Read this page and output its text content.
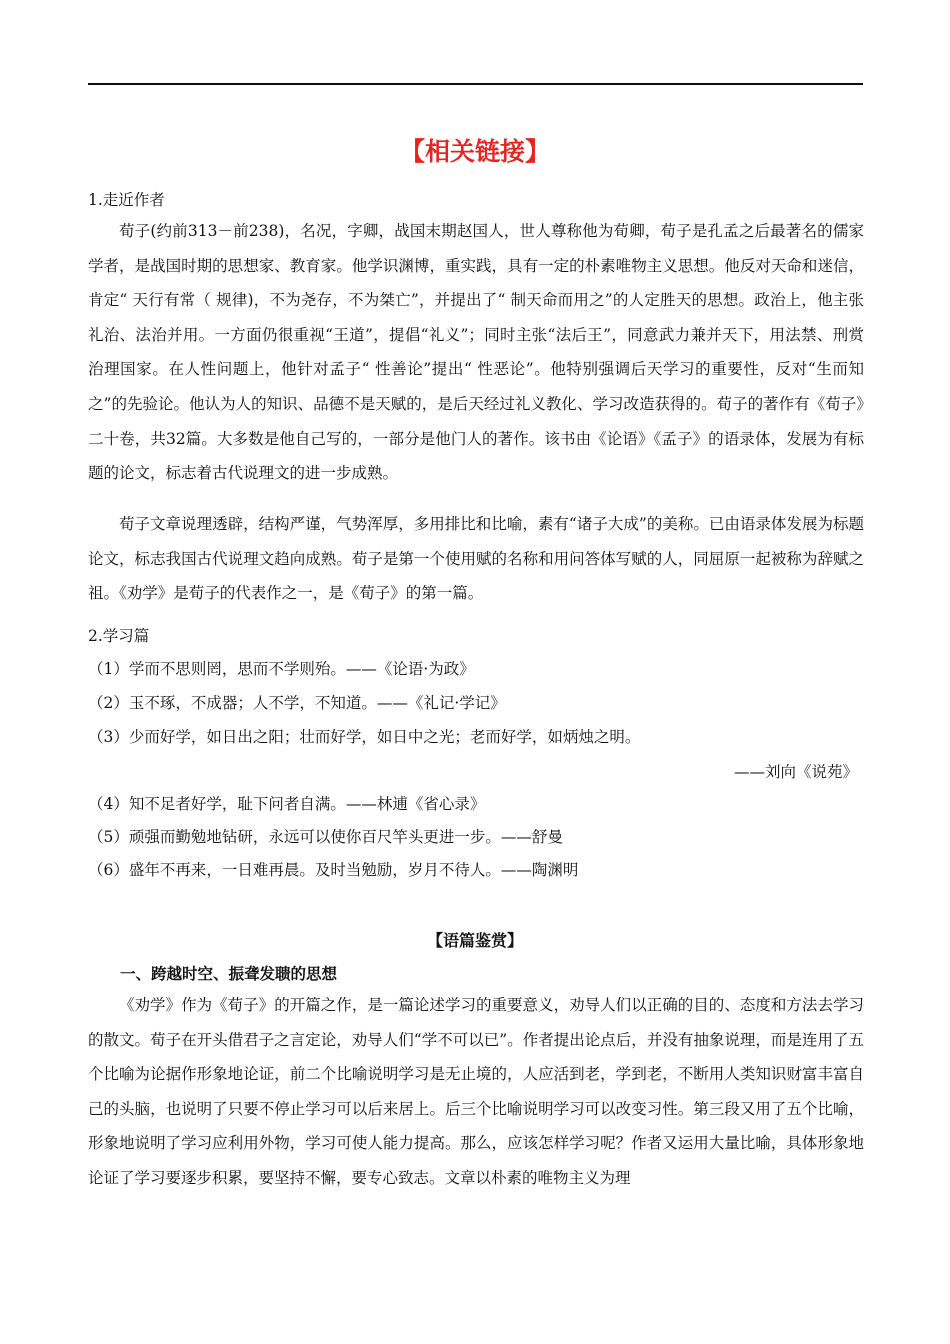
【相关链接】
1.走近作者
荀子(约前313－前238)，名况，字卿，战国末期赵国人，世人尊称他为荀卿，荀子是孔孟之后最著名的儒家学者，是战国时期的思想家、教育家。他学识渊博，重实践，具有一定的朴素唯物主义思想。他反对天命和迷信，肯定“ 天行有常（ 规律)，不为尧存，不为桀亡”，并提出了“ 制天命而用之”的人定胜天的思想。政治上，他主张礼治、法治并用。一方面仍很重视“王道”，提倡“礼义”；同时主张“法后王”，同意武力兼并天下，用法禁、刑赏治理国家。在人性问题上，他针对孟子“ 性善论”提出“ 性恶论”。他特别强调后天学习的重要性，反对“生而知之”的先验论。他认为人的知识、品德不是天赋的，是后天经过礼义教化、学习改造获得的。荀子的著作有《荀子》二十卷，共32篇。大多数是他自己写的，一部分是他门人的著作。该书由《论语》《孟子》的语录体，发展为有标题的论文，标志着古代说理文的进一步成熟。
荀子文章说理透辟，结构严谨，气势浑厚，多用排比和比喻，素有“诸子大成”的美称。已由语录体发展为标题论文，标志我国古代说理文趋向成熟。荀子是第一个使用赋的名称和用问答体写赋的人，同屈原一起被称为辞赋之祖。《劝学》是荀子的代表作之一，是《荀子》的第一篇。
2.学习篇
（1）学而不思则罔，思而不学则殆。——《论语·为政》
（2）玉不琢，不成器；人不学，不知道。——《礼记·学记》
（3）少而好学，如日出之阳；壮而好学，如日中之光；老而好学，如炳烛之明。
——刘向《说苑》
（4）知不足者好学，耻下问者自满。——林逋《省心录》
（5）顽强而勤勉地钻研，永远可以使你百尺竿头更进一步。——舒曼
（6）盛年不再来，一日难再晨。及时当勉励，岁月不待人。——陶渊明
【语篇鉴赏】
一、跨越时空、振聋发聩的思想
《劝学》作为《荀子》的开篇之作，是一篇论述学习的重要意义，劝导人们以正确的目的、态度和方法去学习的散文。荀子在开头借君子之言定论，劝导人们“学不可以已”。作者提出论点后，并没有抽象说理，而是连用了五个比喻为论据作形象地论证，前二个比喻说明学习是无止境的，人应活到老，学到老，不断用人类知识财富丰富自己的头脑，也说明了只要不停止学习可以后来居上。后三个比喻说明学习可以改变习性。第三段又用了五个比喻，形象地说明了学习应利用外物，学习可使人能力提高。那么，应该怎样学习呢？作者又运用大量比喻，具体形象地论证了学习要逐步积累，要坚持不懈，要专心致志。文章以朴素的唯物主义为理
